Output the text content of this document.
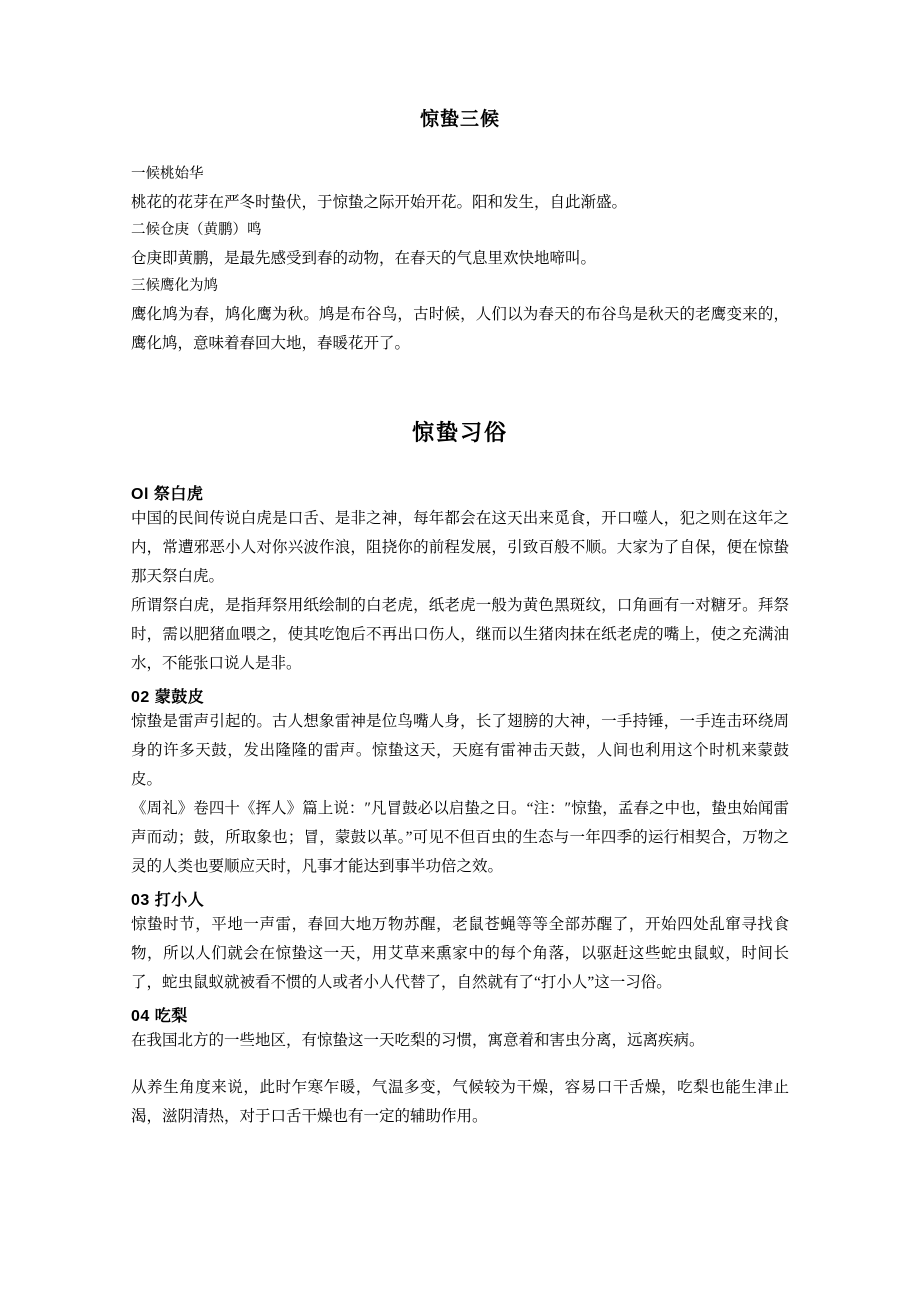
惊蛰三候

一候桃始华

桃花的花芽在严冬时蛰伏，于惊蛰之际开始开花。阳和发生，自此渐盛。

二候仓庚（黄鹏）鸣

仓庚即黄鹏，是最先感受到春的动物，在春天的气息里欢快地啼叫。

三候鹰化为鸠

鹰化鸠为春，鸠化鹰为秋。鸠是布谷鸟，古时候，人们以为春天的布谷鸟是秋天的老鹰变来的，鹰化鸠，意味着春回大地，春暖花开了。

惊蛰习俗

Ol 祭白虎

中国的民间传说白虎是口舌、是非之神，每年都会在这天出来觅食，开口噬人，犯之则在这年之内，常遭邪恶小人对你兴波作浪，阻挠你的前程发展，引致百般不顺。大家为了自保，便在惊蛰那天祭白虎。

所谓祭白虎，是指拜祭用纸绘制的白老虎，纸老虎一般为黄色黑斑纹，口角画有一对糖牙。拜祭时，需以肥猪血喂之，使其吃饱后不再出口伤人，继而以生猪肉抹在纸老虎的嘴上，使之充满油水，不能张口说人是非。

02 蒙鼓皮

惊蛰是雷声引起的。古人想象雷神是位鸟嘴人身，长了翅膀的大神，一手持锤，一手连击环绕周身的许多天鼓，发出隆隆的雷声。惊蛰这天，天庭有雷神击天鼓，人间也利用这个时机来蒙鼓皮。

《周礼》卷四十《挥人》篇上说：″凡冒鼓必以启蛰之日。“注：″惊蛰，孟春之中也，蛰虫始闻雷声而动；鼓，所取象也；冒，蒙鼓以革。”可见不但百虫的生态与一年四季的运行相契合，万物之灵的人类也要顺应天时，凡事才能达到事半功倍之效。

03 打小人

惊蛰时节，平地一声雷，春回大地万物苏醒，老鼠苍蝇等等全部苏醒了，开始四处乱窜寻找食物，所以人们就会在惊蛰这一天，用艾草来熏家中的每个角落，以驱赶这些蛇虫鼠蚁，时间长了，蛇虫鼠蚁就被看不惯的人或者小人代替了，自然就有了“打小人”这一习俗。

04 吃梨

在我国北方的一些地区，有惊蛰这一天吃梨的习惯，寓意着和害虫分离，远离疾病。

从养生角度来说，此时乍寒乍暖，气温多变，气候较为干燥，容易口干舌燥，吃梨也能生津止渴，滋阴清热，对于口舌干燥也有一定的辅助作用。
